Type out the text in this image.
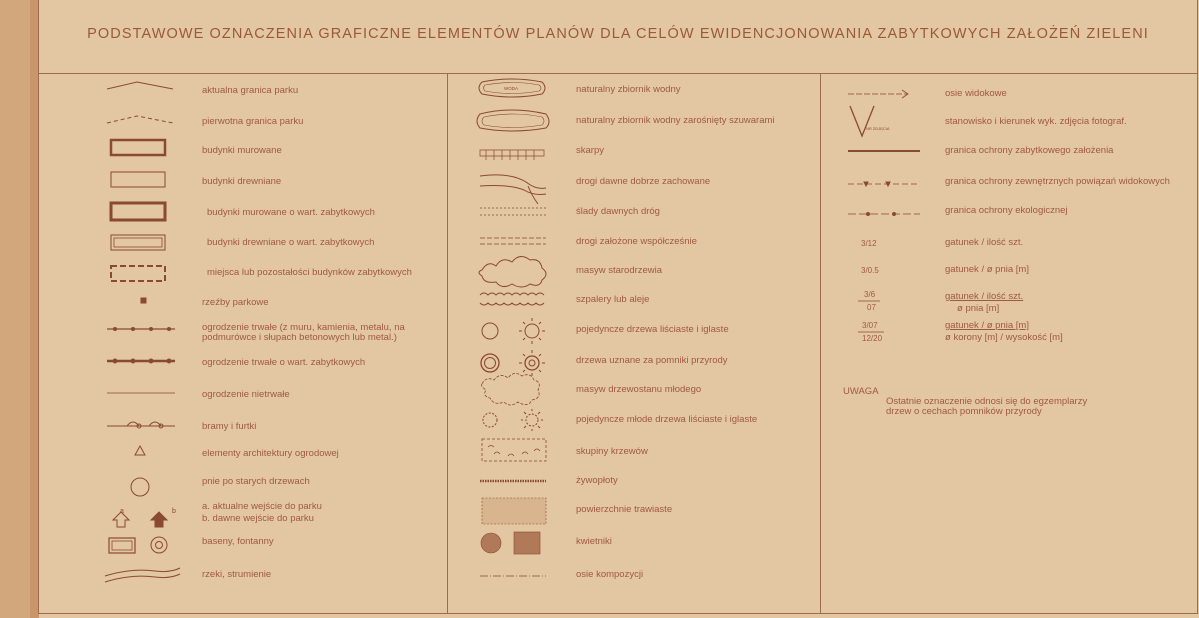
PODSTAWOWE OZNACZENIA GRAFICZNE ELEMENTÓW PLANÓW DLA CELÓW EWIDENCJONOWANIA ZABYTKOWYCH ZAŁOŻEŃ ZIELENI
a	b
aktualna granica parku
pierwotna granica parku
budynki murowane
budynki drewniane
budynki murowane o wart. zabytkowych
budynki drewniane o wart. zabytkowych
miejsca lub pozostałości budynków zabytkowych
rzeźby parkowe
ogrodzenie trwałe (z muru, kamienia, metalu, na
podmurówce i słupach betonowych lub metal.)
ogrodzenie trwałe o wart. zabytkowych
ogrodzenie nietrwałe
bramy i furtki
elementy architektury ogrodowej
pnie po starych drzewach
a. aktualne wejście do parku
b. dawne wejście do parku
baseny, fontanny
rzeki, strumienie
WODA	naturalny zbiornik wodny
naturalny zbiornik wodny zarośnięty szuwarami
skarpy
drogi dawne dobrze zachowane
ślady dawnych dróg
drogi założone współcześnie
masyw starodrzewia
szpalery lub aleje
pojedyncze drzewa liściaste i iglaste
drzewa uznane za pomniki przyrody
masyw drzewostanu młodego
pojedyncze młode drzewa liściaste i iglaste
skupiny krzewów
żywopłoty
powierzchnie trawiaste
kwietniki
osie kompozycji
NR ZDJĘCIA
3/12
3/0.5
3/6
07
3/07
12/20
osie widokowe
stanowisko i kierunek wyk. zdjęcia fotograf.
granica ochrony zabytkowego założenia
granica ochrony zewnętrznych powiązań widokowych
granica ochrony ekologicznej
gatunek / ilość szt.
gatunek / ø pnia [m]
gatunek / ilość szt.
ø pnia [m]
gatunek / ø pnia [m]
ø korony [m] / wysokość [m]
UWAGA
Ostatnie oznaczenie odnosi się do egzemplarzy
drzew o cechach pomników przyrody
